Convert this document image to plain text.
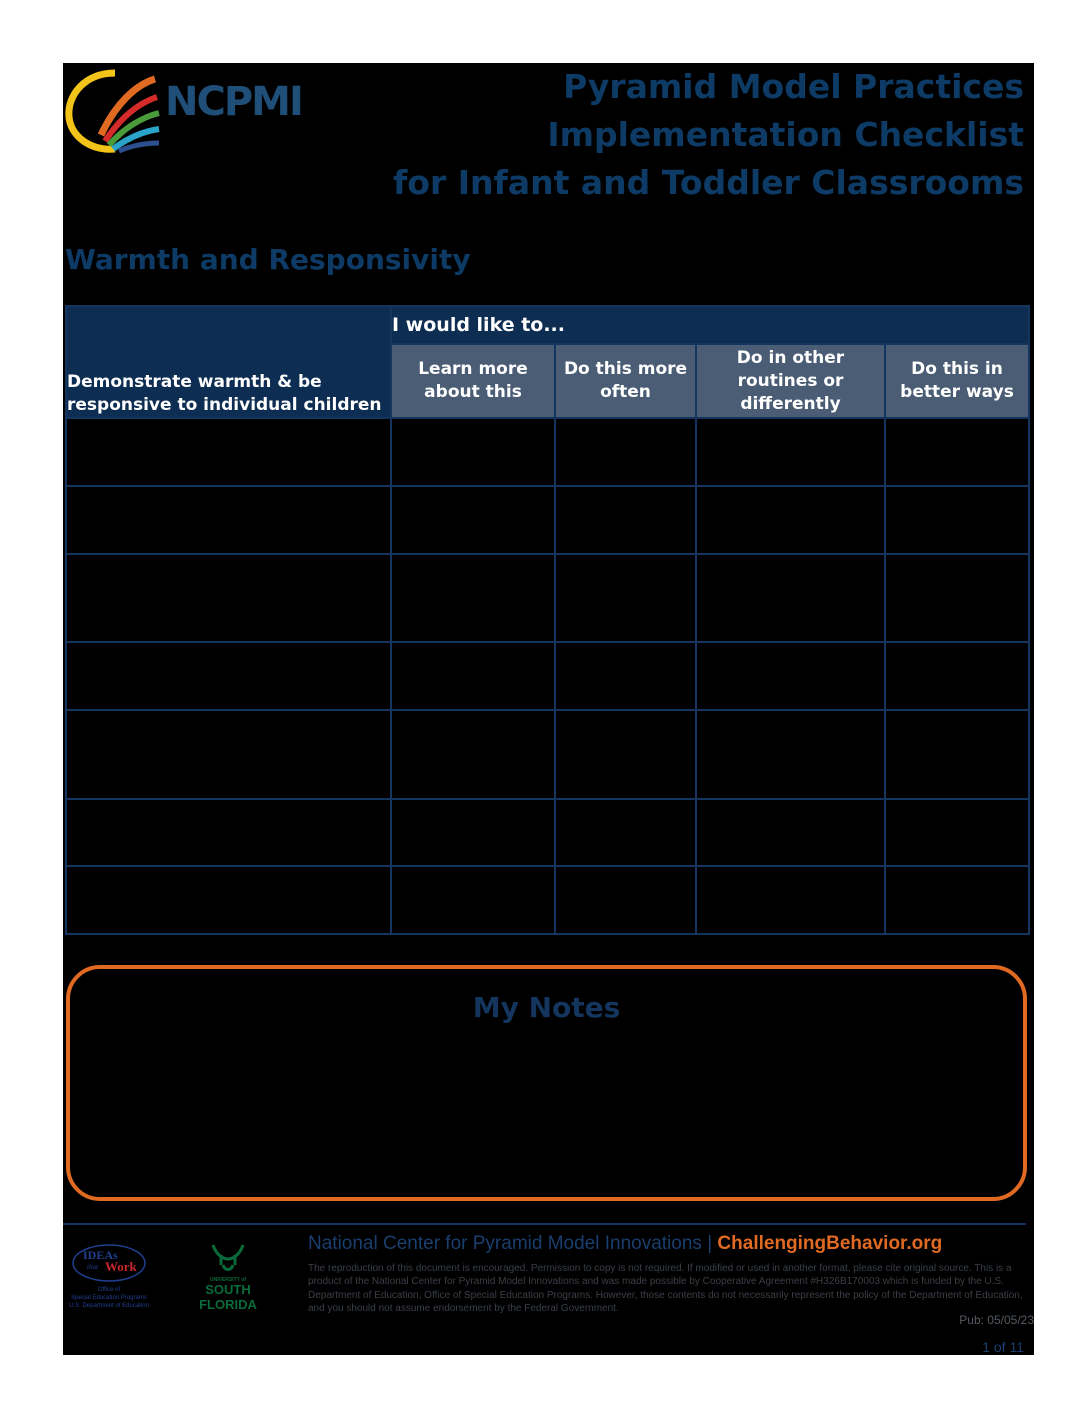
NCPMI	Pyramid Model Practices
Implementation Checklist
for Infant and Toddler Classrooms
Warmth and Responsivity
Demonstrate warmth & be responsive to individual children	I would like to...			
	Learn more about this	Do this more often	Do in other routines or differently	Do this in better ways

My Notes
IDEAs
that Work
Office of
Special Education Programs
U.S. Department of Education
UNIVERSITY of
SOUTH
FLORIDA
National Center for Pyramid Model Innovations | ChallengingBehavior.org
The reproduction of this document is encouraged. Permission to copy is not required. If modified or used in another format, please cite original source. This is a product of the National Center for Pyramid Model Innovations and was made possible by Cooperative Agreement #H326B170003 which is funded by the U.S. Department of Education, Office of Special Education Programs. However, those contents do not necessarily represent the policy of the Department of Education, and you should not assume endorsement by the Federal Government.
Pub: 05/05/23
1 of 11
